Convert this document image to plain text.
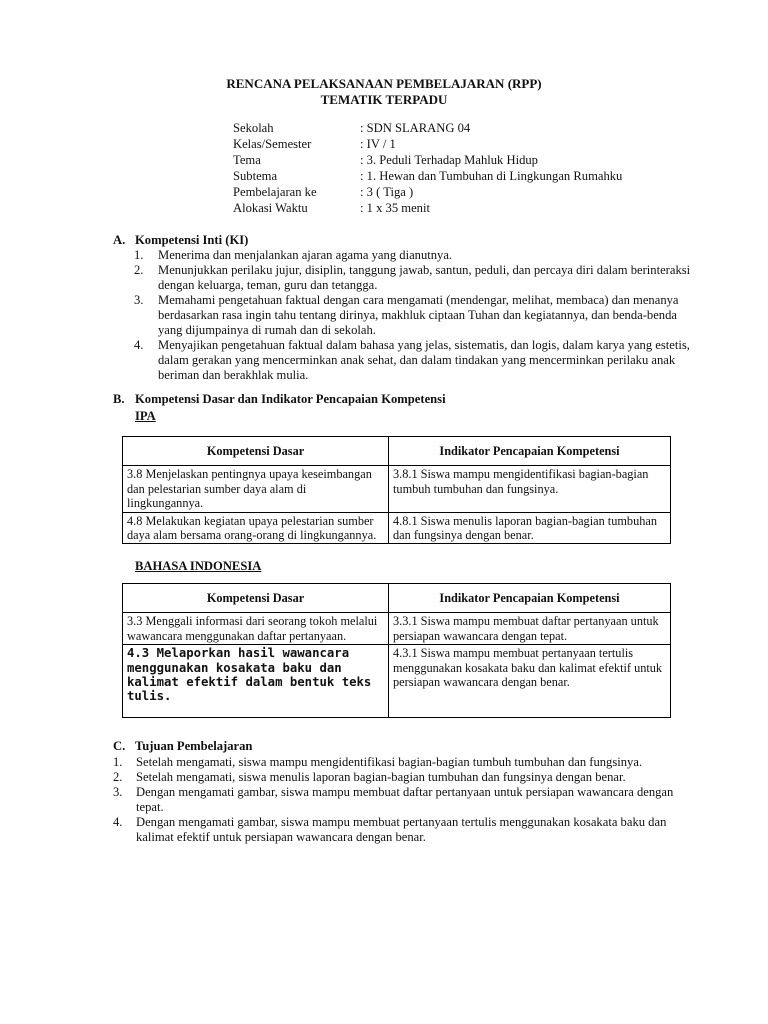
RENCANA PELAKSANAAN PEMBELAJARAN (RPP)
TEMATIK TERPADU
Sekolah	: SDN SLARANG 04
Kelas/Semester	: IV / 1
Tema	: 3. Peduli Terhadap Mahluk Hidup
Subtema	: 1. Hewan dan Tumbuhan di Lingkungan Rumahku
Pembelajaran ke	: 3 ( Tiga )
Alokasi Waktu	: 1 x 35 menit
A. Kompetensi Inti (KI)
1. Menerima dan menjalankan ajaran agama yang dianutnya.
2. Menunjukkan perilaku jujur, disiplin, tanggung jawab, santun, peduli, dan percaya diri dalam berinteraksi dengan keluarga, teman, guru dan tetangga.
3. Memahami pengetahuan faktual dengan cara mengamati (mendengar, melihat, membaca) dan menanya berdasarkan rasa ingin tahu tentang dirinya, makhluk ciptaan Tuhan dan kegiatannya, dan benda-benda yang dijumpainya di rumah dan di sekolah.
4. Menyajikan pengetahuan faktual dalam bahasa yang jelas, sistematis, dan logis, dalam karya yang estetis, dalam gerakan yang mencerminkan anak sehat, dan dalam tindakan yang mencerminkan perilaku anak beriman dan berakhlak mulia.
B. Kompetensi Dasar dan Indikator Pencapaian Kompetensi
IPA
Kompetensi Dasar	Indikator Pencapaian Kompetensi
3.8 Menjelaskan pentingnya upaya keseimbangan dan pelestarian sumber daya alam di lingkungannya.	3.8.1 Siswa mampu mengidentifikasi bagian-bagian tumbuh tumbuhan dan fungsinya.
4.8 Melakukan kegiatan upaya pelestarian sumber daya alam bersama orang-orang di lingkungannya.	4.8.1 Siswa menulis laporan bagian-bagian tumbuhan dan fungsinya dengan benar.
BAHASA INDONESIA
Kompetensi Dasar	Indikator Pencapaian Kompetensi
3.3 Menggali informasi dari seorang tokoh melalui wawancara menggunakan daftar pertanyaan.	3.3.1 Siswa mampu membuat daftar pertanyaan untuk persiapan wawancara dengan tepat.
4.3 Melaporkan hasil wawancara menggunakan kosakata baku dan kalimat efektif dalam bentuk teks tulis.	4.3.1 Siswa mampu membuat pertanyaan tertulis menggunakan kosakata baku dan kalimat efektif untuk persiapan wawancara dengan benar.
C. Tujuan Pembelajaran
1. Setelah mengamati, siswa mampu mengidentifikasi bagian-bagian tumbuh tumbuhan dan fungsinya.
2. Setelah mengamati, siswa menulis laporan bagian-bagian tumbuhan dan fungsinya dengan benar.
3. Dengan mengamati gambar, siswa mampu membuat daftar pertanyaan untuk persiapan wawancara dengan tepat.
4. Dengan mengamati gambar, siswa mampu membuat pertanyaan tertulis menggunakan kosakata baku dan kalimat efektif untuk persiapan wawancara dengan benar.
